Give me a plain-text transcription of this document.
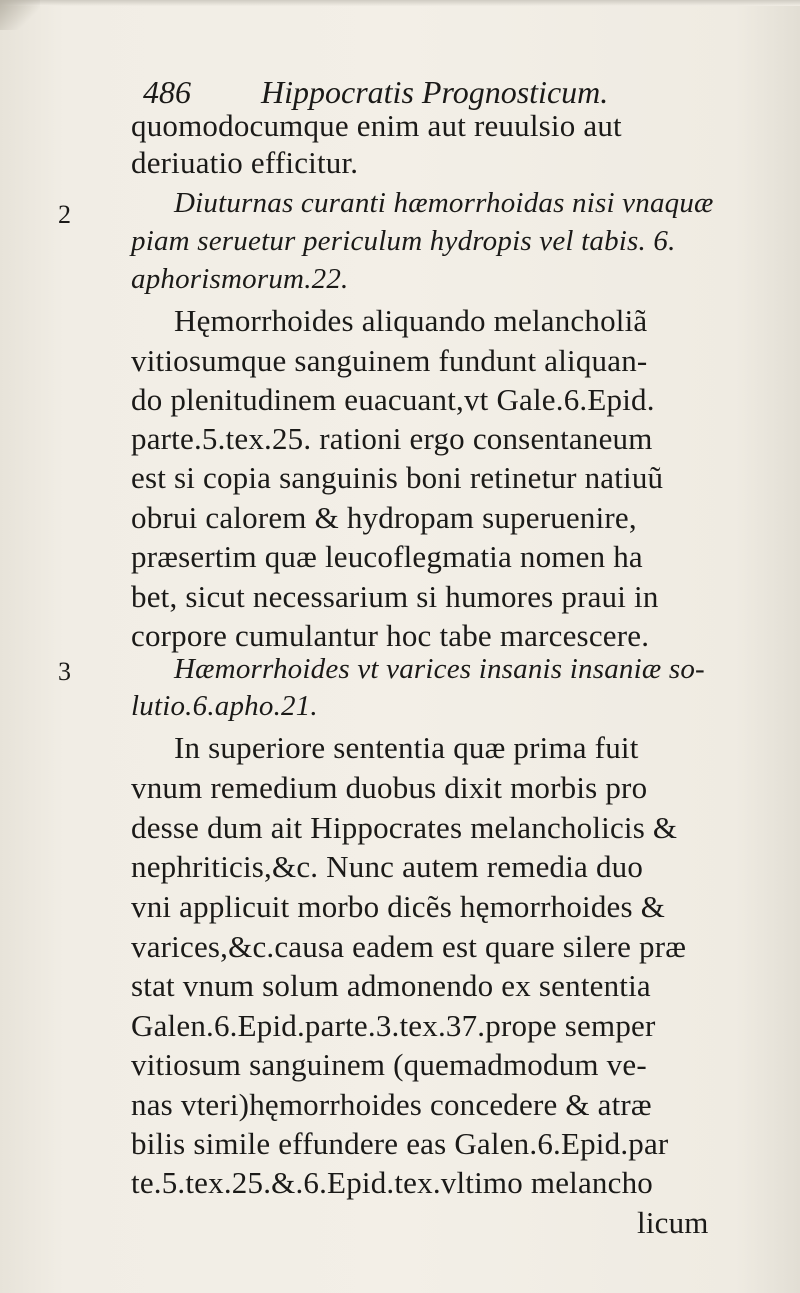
486 Hippocratis Prognosticum.
2
3
quomodocumque enim aut reuulsio aut
deriuatio efficitur.
Diuturnas curanti hæmorrhoidas nisi vnaquæ
piam seruetur periculum hydropis vel tabis. 6.
aphorismorum.22.
Hęmorrhoides aliquando melancholiã
vitiosumque sanguinem fundunt aliquan-
do plenitudinem euacuant,vt Gale.6.Epid.
parte.5.tex.25. rationi ergo consentaneum
est si copia sanguinis boni retinetur natiuũ
obrui calorem & hydropam superuenire,
præsertim quæ leucoflegmatia nomen ha
bet, sicut necessarium si humores praui in
corpore cumulantur hoc tabe marcescere.
Hæmorrhoides vt varices insanis insaniæ so-
lutio.6.apho.21.
In superiore sententia quæ prima fuit
vnum remedium duobus dixit morbis pro
desse dum ait Hippocrates melancholicis &
nephriticis,&c. Nunc autem remedia duo
vni applicuit morbo dicẽs hęmorrhoides &
varices,&c.causa eadem est quare silere præ
stat vnum solum admonendo ex sententia
Galen.6.Epid.parte.3.tex.37.prope semper
vitiosum sanguinem (quemadmodum ve-
nas vteri)hęmorrhoides concedere & atræ
bilis simile effundere eas Galen.6.Epid.par
te.5.tex.25.&.6.Epid.tex.vltimo melancho
licum
